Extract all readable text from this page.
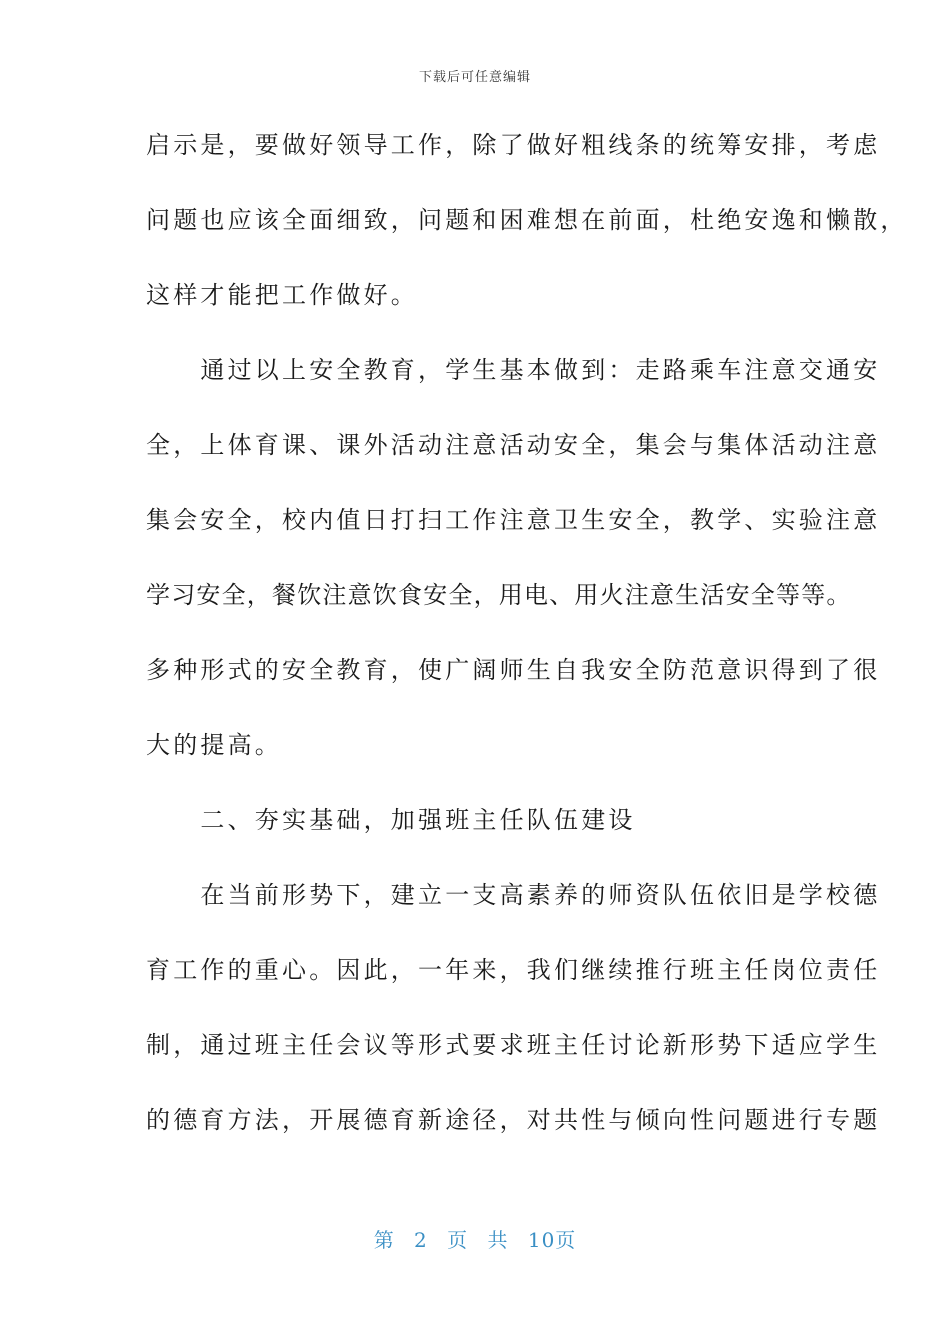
下载后可任意编辑
启示是，要做好领导工作，除了做好粗线条的统筹安排，考虑
问题也应该全面细致，问题和困难想在前面，杜绝安逸和懒散，
这样才能把工作做好。
　　通过以上安全教育，学生基本做到：走路乘车注意交通安
全，上体育课、课外活动注意活动安全，集会与集体活动注意
集会安全，校内值日打扫工作注意卫生安全，教学、实验注意
学习安全，餐饮注意饮食安全，用电、用火注意生活安全等等。
多种形式的安全教育，使广阔师生自我安全防范意识得到了很
大的提高。
　　二、夯实基础，加强班主任队伍建设
　　在当前形势下，建立一支高素养的师资队伍依旧是学校德
育工作的重心。因此，一年来，我们继续推行班主任岗位责任
制，通过班主任会议等形式要求班主任讨论新形势下适应学生
的德育方法，开展德育新途径，对共性与倾向性问题进行专题
第 2 页 共 10页
